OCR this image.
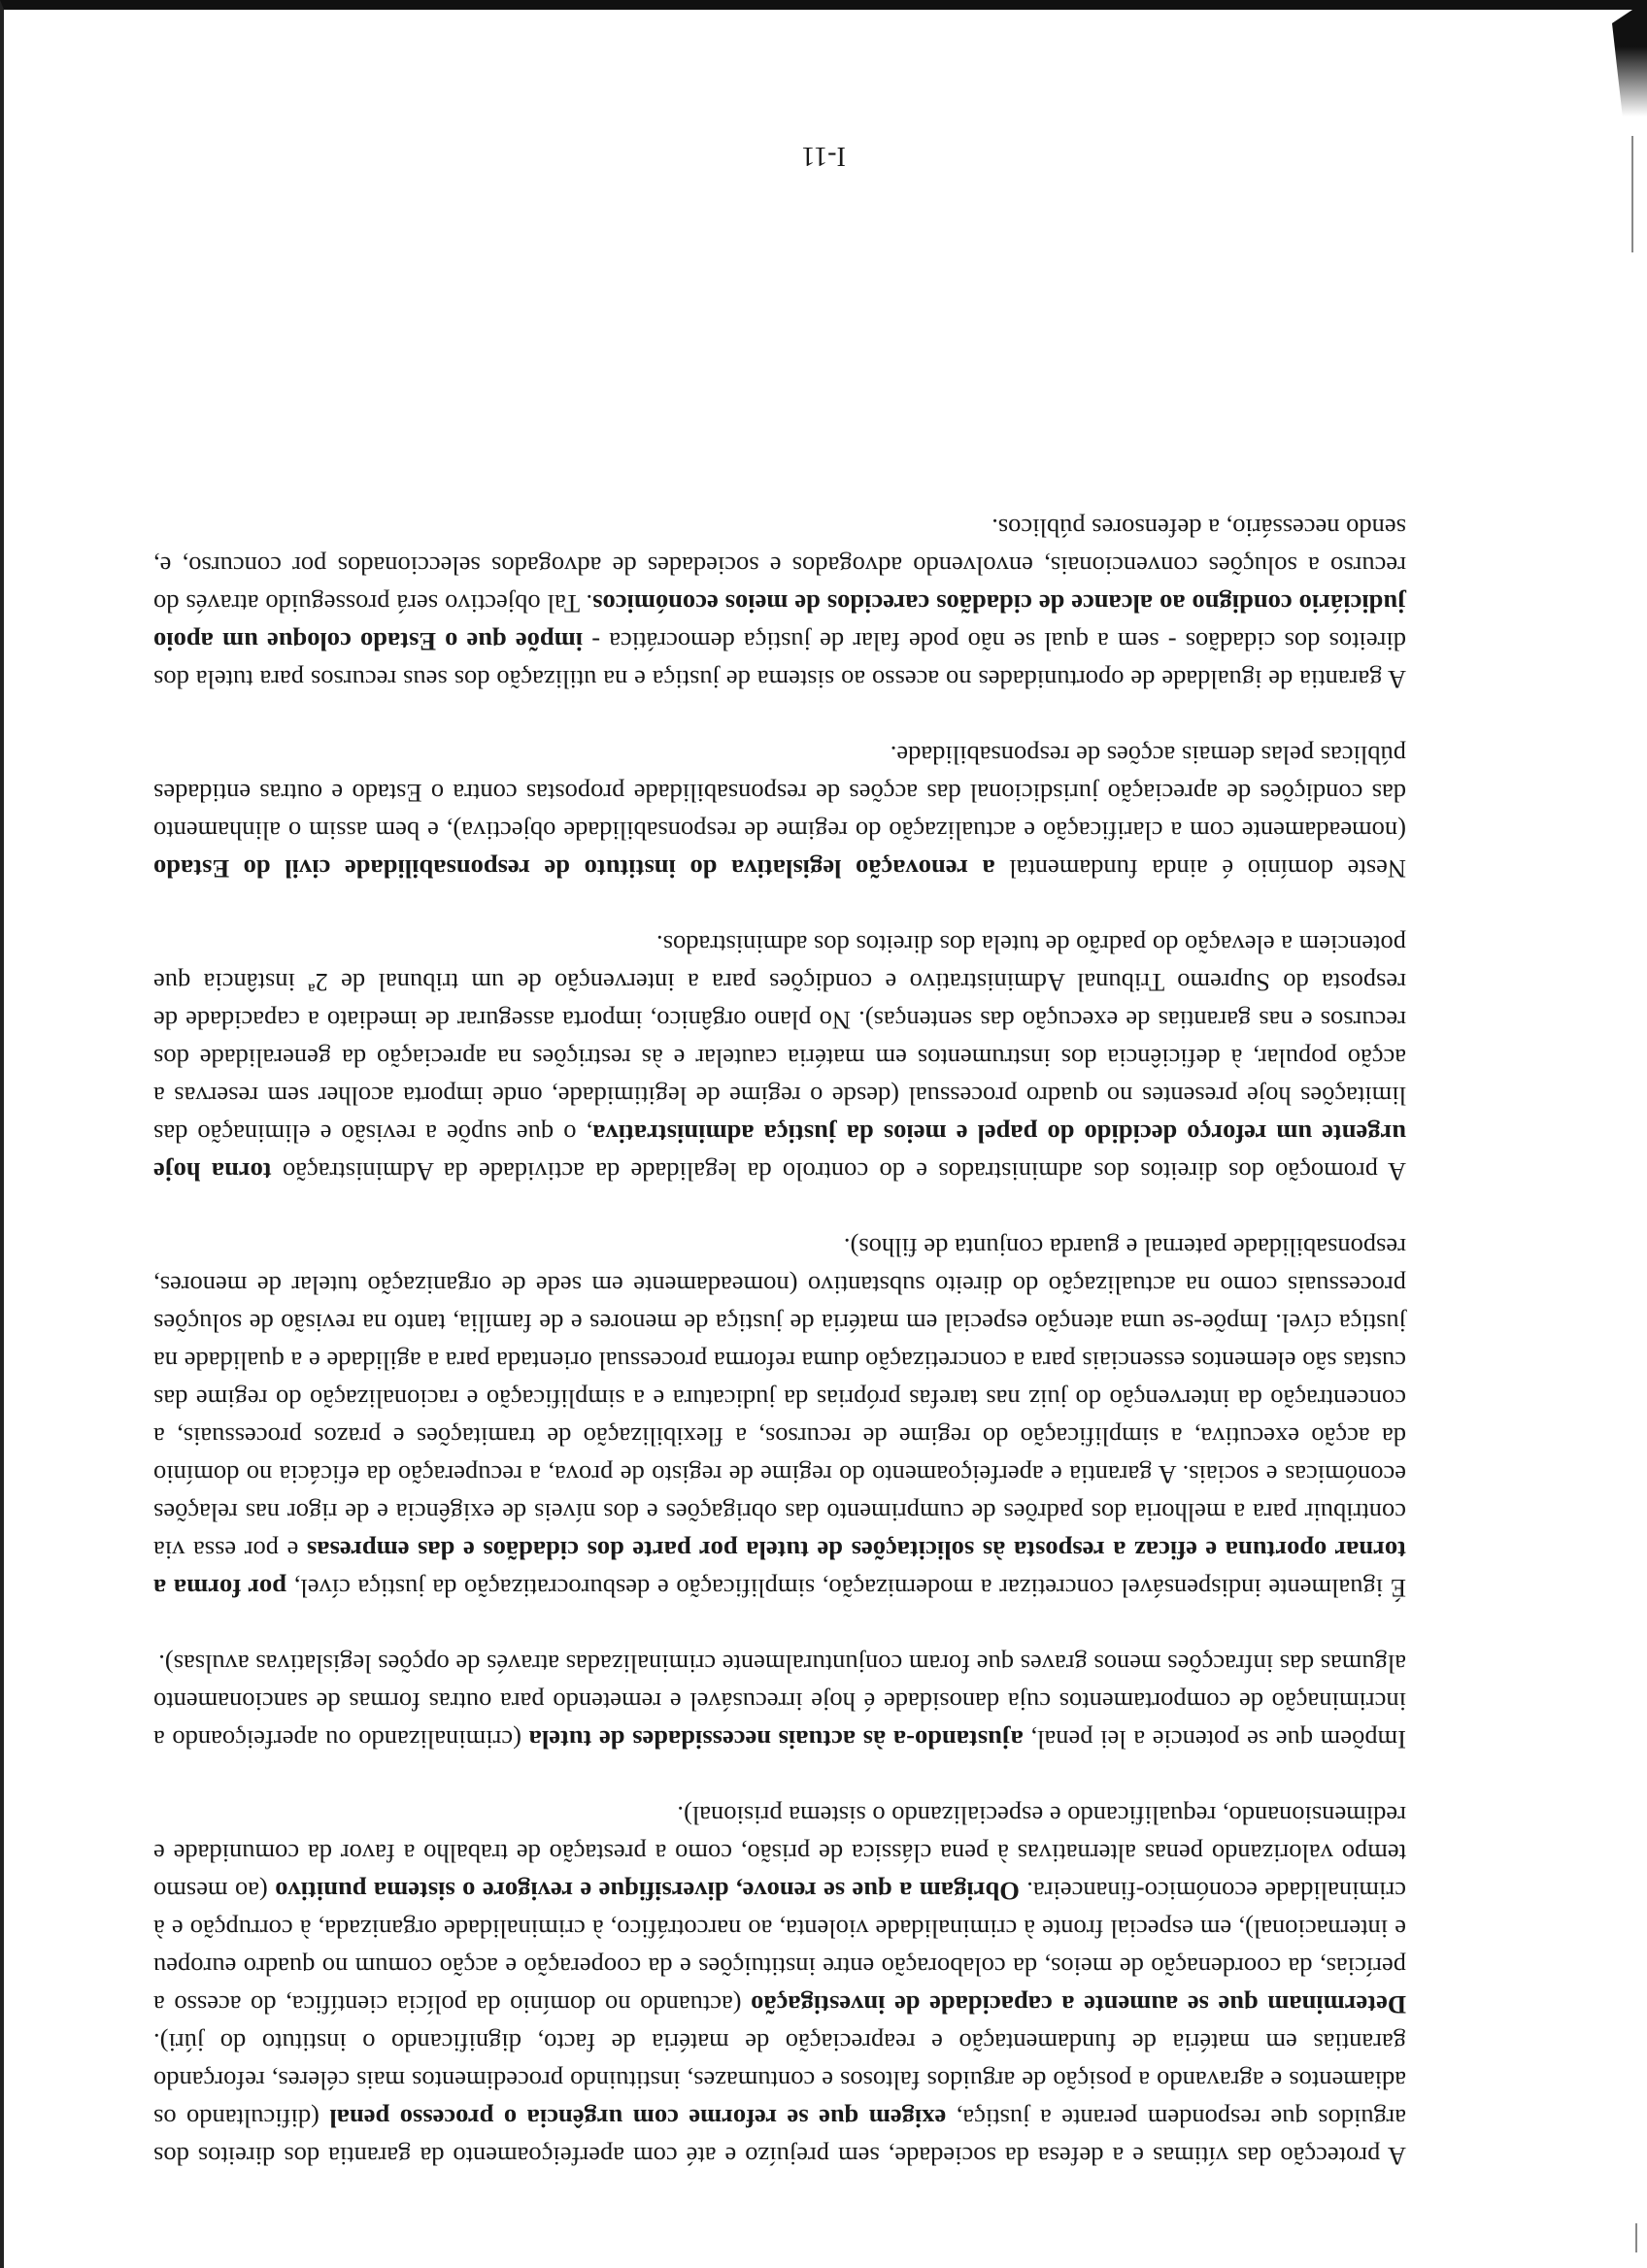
A protecção das vítimas e a defesa da sociedade, sem prejuízo e até com aperfeiçoamento da garantia dos direitos dos arguidos que respondem perante a justiça, exigem que se reforme com urgência o processo penal (dificultando os adiamentos e agravando a posição de arguidos faltosos e contumazes, instituindo procedimentos mais céleres, reforçando garantias em matéria de fundamentação e reapreciação de matéria de facto, dignificando o instituto do júri). Determinam que se aumente a capacidade de investigação (actuando no domínio da polícia científica, do acesso a perícias, da coordenação de meios, da colaboração entre instituições e da cooperação e acção comum no quadro europeu e internacional), em especial fronte à criminalidade violenta, ao narcotráfico, à criminalidade organizada, à corrupção e à criminalidade económico-financeira. Obrigam a que se renove, diversifique e revigore o sistema punitivo (ao mesmo tempo valorizando penas alternativas à pena clássica de prisão, como a prestação de trabalho a favor da comunidade e redimensionando, requalificando e especializando o sistema prisional).

Impõem que se potencie a lei penal, ajustando-a às actuais necessidades de tutela (criminalizando ou aperfeiçoando a incriminação de comportamentos cuja danosidade é hoje irrecusável e remetendo para outras formas de sancionamento algumas das infracções menos graves que foram conjunturalmente criminalizadas através de opções legislativas avulsas).

É igualmente indispensável concretizar a modernização, simplificação e desburocratização da justiça cível, por forma a tornar oportuna e eficaz a resposta às solicitações de tutela por parte dos cidadãos e das empresas e por essa via contribuir para a melhoria dos padrões de cumprimento das obrigações e dos níveis de exigência e de rigor nas relações económicas e sociais. A garantia e aperfeiçoamento do regime de registo de prova, a recuperação da eficácia no domínio da acção executiva, a simplificação do regime de recursos, a flexibilização de tramitações e prazos processuais, a concentração da intervenção do juiz nas tarefas próprias da judicatura e a simplificação e racionalização do regime das custas são elementos essenciais para a concretização duma reforma processual orientada para a agilidade e a qualidade na justiça cível. Impõe-se uma atenção especial em matéria de justiça de menores e de família, tanto na revisão de soluções processuais como na actualização do direito substantivo (nomeadamente em sede de organização tutelar de menores, responsabilidade paternal e guarda conjunta de filhos).

A promoção dos direitos dos administrados e do controlo da legalidade da actividade da Administração torna hoje urgente um reforço decidido do papel e meios da justiça administrativa, o que supõe a revisão e eliminação das limitações hoje presentes no quadro processual (desde o regime de legitimidade, onde importa acolher sem reservas a acção popular, à deficiência dos instrumentos em matéria cautelar e às restrições na apreciação da generalidade dos recursos e nas garantias de execução das sentenças). No plano orgânico, importa assegurar de imediato a capacidade de resposta do Supremo Tribunal Administrativo e condições para a intervenção de um tribunal de 2ª instância que potenciem a elevação do padrão de tutela dos direitos dos administrados.

Neste domínio é ainda fundamental a renovação legislativa do instituto de responsabilidade civil do Estado (nomeadamente com a clarificação e actualização do regime de responsabilidade objectiva), e bem assim o alinhamento das condições de apreciação jurisdicional das acções de responsabilidade propostas contra o Estado e outras entidades públicas pelas demais acções de responsabilidade.

A garantia de igualdade de oportunidades no acesso ao sistema de justiça e na utilização dos seus recursos para tutela dos direitos dos cidadãos - sem a qual se não pode falar de justiça democrática - impõe que o Estado coloque um apoio judiciário condigno ao alcance de cidadãos carecidos de meios económicos. Tal objectivo será prosseguido através do recurso a soluções convencionais, envolvendo advogados e sociedades de advogados seleccionados por concurso, e, sendo necessário, a defensores públicos.

I-11
